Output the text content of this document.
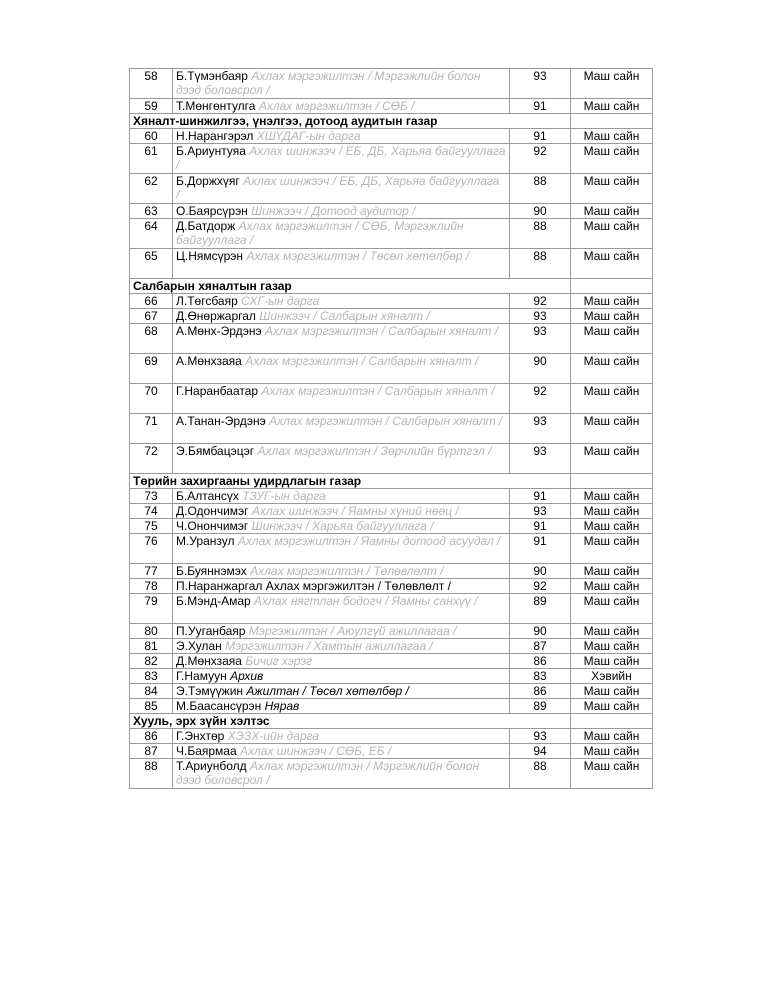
58	Б.Түмэнбаяр Ахлах мэргэжилтэн / Мэргэжлийн болон дээд боловсрол /	93	Маш сайн
59	Т.Мөнгөнтулга Ахлах мэргэжилтэн / СӨБ /	91	Маш сайн
Хяналт-шинжилгээ, үнэлгээ, дотоод аудитын газар			
60	Н.Нарангэрэл ХШҮДАГ-ын дарга	91	Маш сайн
61	Б.Ариунтуяа Ахлах шинжээч / ЕБ, ДБ, Харьяа байгууллага /	92	Маш сайн
62	Б.Доржхүяг Ахлах шинжээч / ЕБ, ДБ, Харьяа байгууллага /	88	Маш сайн
63	О.Баярсүрэн Шинжээч / Дотоод аудитор /	90	Маш сайн
64	Д.Батдорж Ахлах мэргэжилтэн / СӨБ, Мэргэжлийн байгууллага /	88	Маш сайн
65	Ц.Нямсүрэн Ахлах мэргэжилтэн / Төсөл хөтөлбөр /	88	Маш сайн
Салбарын хяналтын газар			
66	Л.Төгсбаяр СХГ-ын дарга	92	Маш сайн
67	Д.Өнөржаргал Шинжээч / Салбарын хяналт /	93	Маш сайн
68	А.Мөнх-Эрдэнэ Ахлах мэргэжилтэн / Салбарын хяналт /	93	Маш сайн
69	А.Мөнхзаяа Ахлах мэргэжилтэн / Салбарын хяналт /	90	Маш сайн
70	Г.Наранбаатар Ахлах мэргэжилтэн / Салбарын хяналт /	92	Маш сайн
71	А.Танан-Эрдэнэ Ахлах мэргэжилтэн / Салбарын хяналт /	93	Маш сайн
72	Э.Бямбацэцэг Ахлах мэргэжилтэн / Зөрчлийн бүртгэл /	93	Маш сайн
Төрийн захиргааны удирдлагын газар			
73	Б.Алтансүх ТЗУГ-ын дарга	91	Маш сайн
74	Д.Одончимэг Ахлах шинжээч / Яамны хүний нөөц /	93	Маш сайн
75	Ч.Онончимэг Шинжээч / Харьяа байгууллага /	91	Маш сайн
76	М.Уранзул Ахлах мэргэжилтэн / Яамны дотоод асуудал /	91	Маш сайн
77	Б.Буяннэмэх Ахлах мэргэжилтэн / Төлөвлөлт /	90	Маш сайн
78	П.Наранжаргал Ахлах мэргэжилтэн / Төлөвлөлт /	92	Маш сайн
79	Б.Мэнд-Амар Ахлах нягтлан бодогч / Яамны санхүү /	89	Маш сайн
80	П.Ууганбаяр Мэргэжилтэн / Аюулгүй ажиллагаа /	90	Маш сайн
81	Э.Хулан Мэргэжилтэн / Хамтын ажиллагаа /	87	Маш сайн
82	Д.Мөнхзаяа Бичиг хэрэг	86	Маш сайн
83	Г.Намуун Архив	83	Хэвийн
84	Э.Тэмүүжин Ажилтан / Төсөл хөтөлбөр /	86	Маш сайн
85	М.Баасансүрэн Нярав	89	Маш сайн
Хууль, эрх зүйн хэлтэс			
86	Г.Энхтөр ХЭЗХ-ийн дарга	93	Маш сайн
87	Ч.Баярмаа Ахлах шинжээч / СӨБ, ЕБ /	94	Маш сайн
88	Т.Ариунболд Ахлах мэргэжилтэн / Мэргэжлийн болон дээд боловсрол /	88	Маш сайн
